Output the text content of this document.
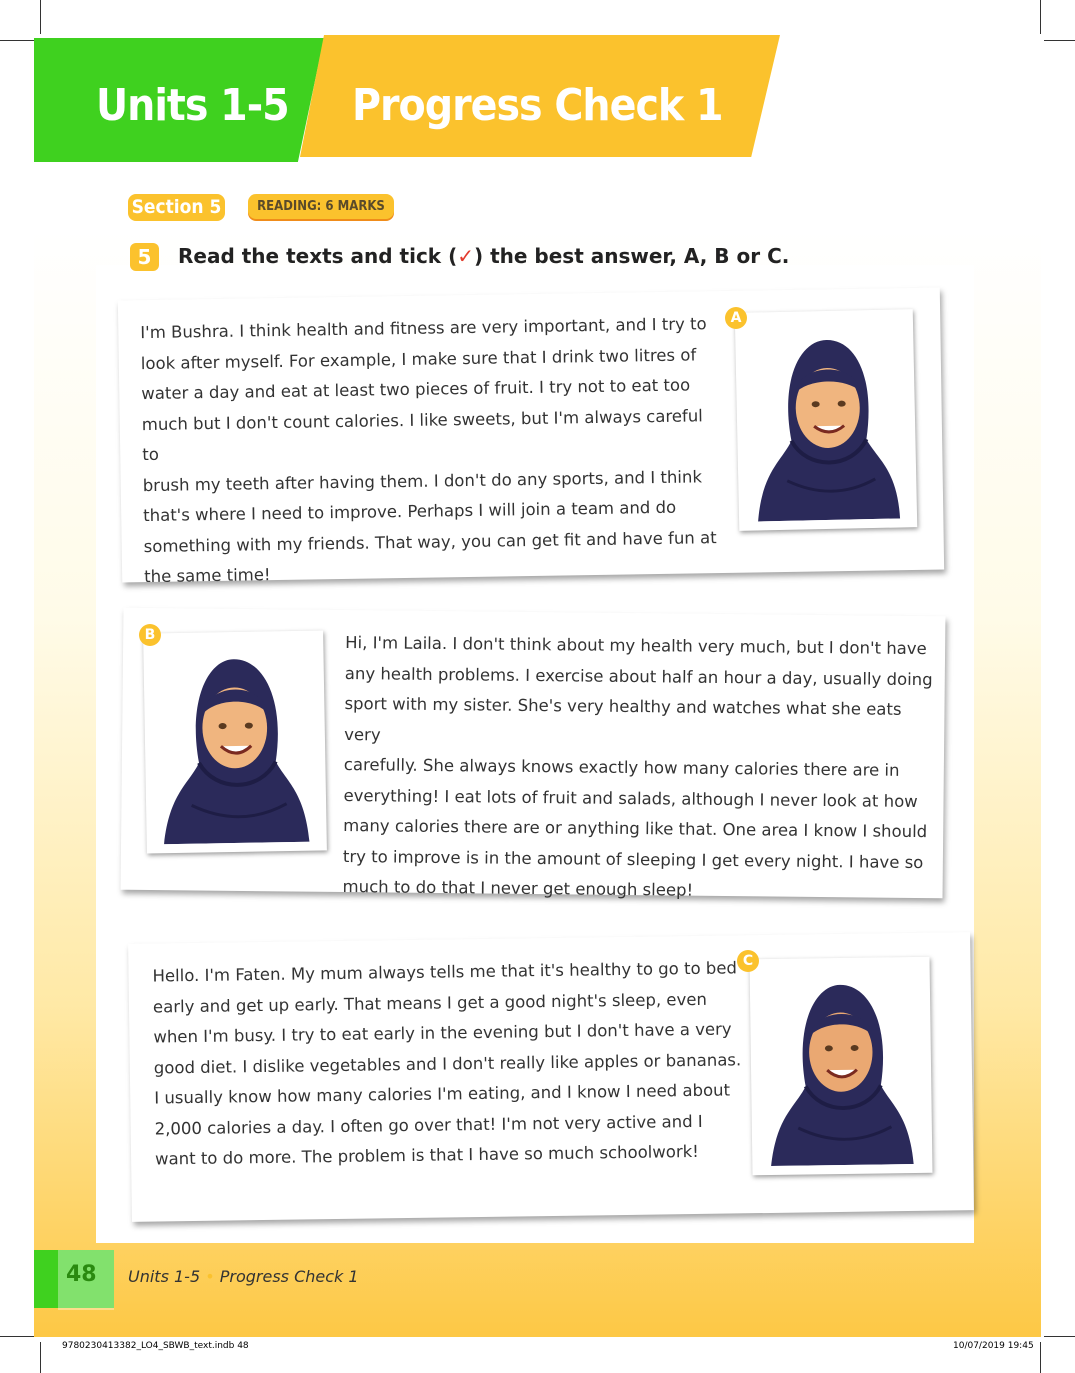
Units 1-5 Progress Check 1
Section 5	READING: 6 MARKS
5	Read the texts and tick (✓) the best answer, A, B or C.
I'm Bushra. I think health and fitness are very important, and I try to
look after myself. For example, I make sure that I drink two litres of
water a day and eat at least two pieces of fruit. I try not to eat too
much but I don't count calories. I like sweets, but I'm always careful to
brush my teeth after having them. I don't do any sports, and I think
that's where I need to improve. Perhaps I will join a team and do
something with my friends. That way, you can get fit and have fun at
the same time!
A
Hi, I'm Laila. I don't think about my health very much, but I don't have
any health problems. I exercise about half an hour a day, usually doing
sport with my sister. She's very healthy and watches what she eats very
carefully. She always knows exactly how many calories there are in
everything! I eat lots of fruit and salads, although I never look at how
many calories there are or anything like that. One area I know I should
try to improve is in the amount of sleeping I get every night. I have so
much to do that I never get enough sleep!
B
Hello. I'm Faten. My mum always tells me that it's healthy to go to bed
early and get up early. That means I get a good night's sleep, even
when I'm busy. I try to eat early in the evening but I don't have a very
good diet. I dislike vegetables and I don't really like apples or bananas.
I usually know how many calories I'm eating, and I know I need about
2,000 calories a day. I often go over that! I'm not very active and I
want to do more. The problem is that I have so much schoolwork!
C
48 Units 1-5 • Progress Check 1
9780230413382_LO4_SBWB_text.indb 48	10/07/2019 19:45
